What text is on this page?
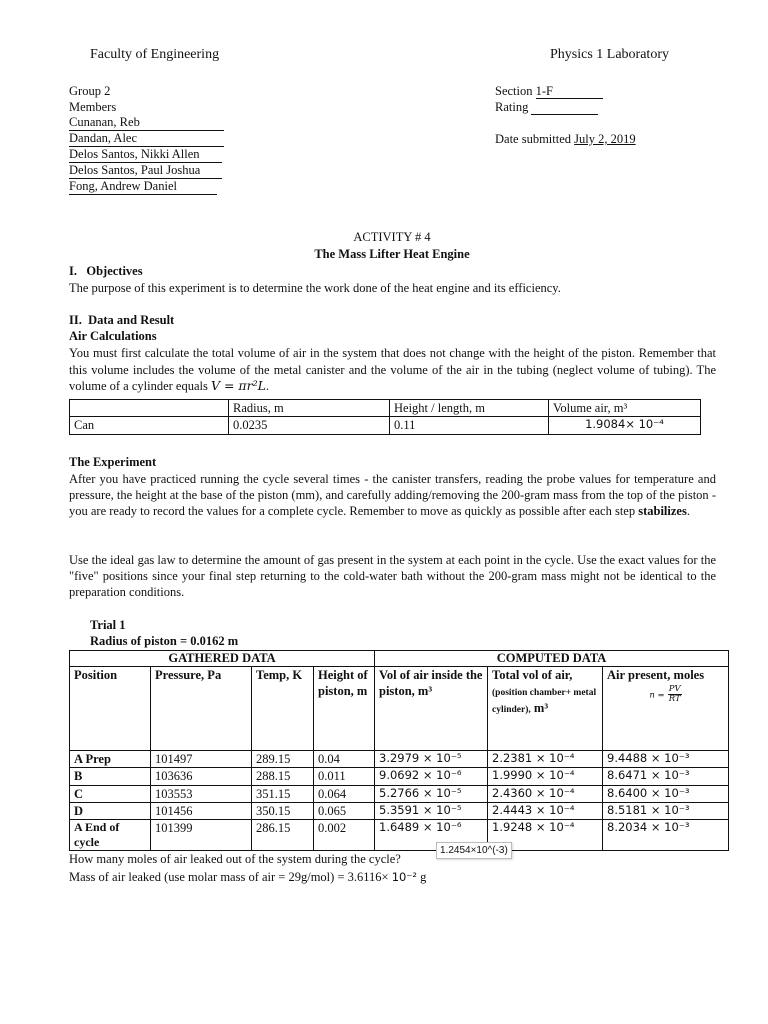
Faculty of Engineering	Physics 1 Laboratory
Group 2
Members
Cunanan, Reb
Dandan, Alec
Delos Santos, Nikki Allen
Delos Santos, Paul Joshua
Fong, Andrew Daniel
Section 1-F
Rating
Date submitted July 2, 2019
ACTIVITY # 4
The Mass Lifter Heat Engine
I.   Objectives
The purpose of this experiment is to determine the work done of the heat engine and its efficiency.
II.  Data and Result
Air Calculations
You must first calculate the total volume of air in the system that does not change with the height of the piston. Remember that this volume includes the volume of the metal canister and the volume of the air in the tubing (neglect volume of tubing). The volume of a cylinder equals V = πr²L.
	Radius, m	Height / length, m	Volume air, m³
Can	0.0235	0.11	1.9084× 10⁻⁴
The Experiment
After you have practiced running the cycle several times - the canister transfers, reading the probe values for temperature and pressure, the height at the base of the piston (mm), and carefully adding/removing the 200-gram mass from the top of the piston - you are ready to record the values for a complete cycle. Remember to move as quickly as possible after each step stabilizes.
Use the ideal gas law to determine the amount of gas present in the system at each point in the cycle. Use the exact values for the "five" positions since your final step returning to the cold-water bath without the 200-gram mass might not be identical to the preparation conditions.
Trial 1
Radius of piston = 0.0162 m
GATHERED DATA				COMPUTED DATA		
Position	Pressure, Pa	Temp, K	Height of piston, m	Vol of air inside the piston, m³	Total vol of air, (position chamber+ metal cylinder), m³	Air present, moles
$n = \frac{PV}{RT}$

A Prep	101497	289.15	0.04	3.2979 × 10⁻⁵	2.2381 × 10⁻⁴	9.4488 × 10⁻³
B	103636	288.15	0.011	9.0692 × 10⁻⁶	1.9990 × 10⁻⁴	8.6471 × 10⁻³
C	103553	351.15	0.064	5.2766 × 10⁻⁵	2.4360 × 10⁻⁴	8.6400 × 10⁻³
D	101456	350.15	0.065	5.3591 × 10⁻⁵	2.4443 × 10⁻⁴	8.5181 × 10⁻³
A End of cycle	101399	286.15	0.002	1.6489 × 10⁻⁶	1.9248 × 10⁻⁴	8.2034 × 10⁻³
How many moles of air leaked out of the system during the cycle?
1.2454×10^(-3)
Mass of air leaked (use molar mass of air = 29g/mol) = 3.6116× 10⁻² g
